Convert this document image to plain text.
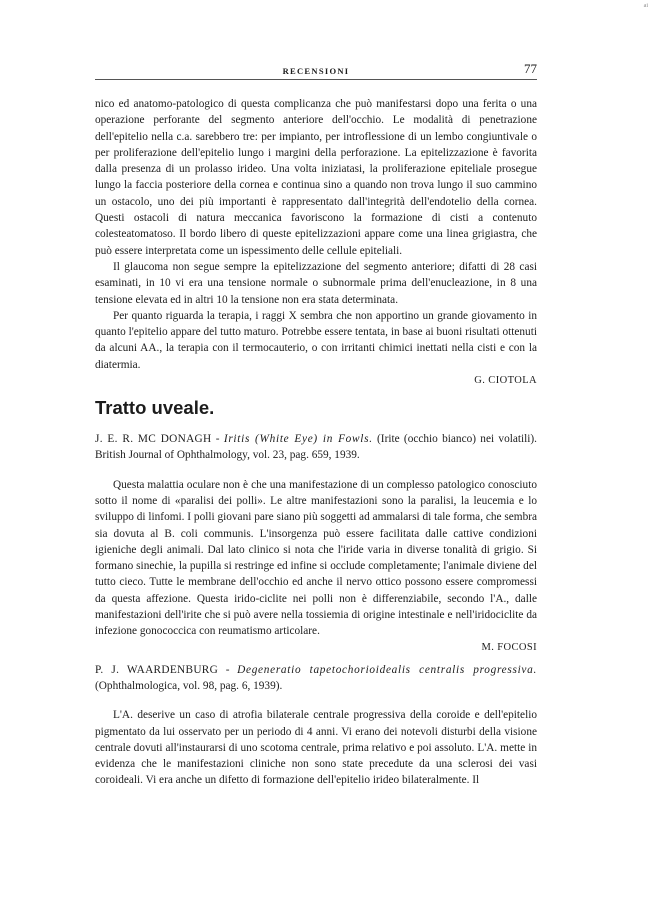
ai
RECENSIONI	77

nico ed anatomo-patologico di questa complicanza che può manifestarsi dopo una ferita o una operazione perforante del segmento anteriore dell'occhio. Le modalità di penetrazione dell'epitelio nella c.a. sarebbero tre: per impianto, per introflessione di un lembo congiuntivale o per proliferazione dell'epitelio lungo i margini della perforazione. La epitelizzazione è favorita dalla presenza di un prolasso irideo. Una volta iniziatasi, la proliferazione epiteliale prosegue lungo la faccia posteriore della cornea e continua sino a quando non trova lungo il suo cammino un ostacolo, uno dei più importanti è rappresentato dall'integrità dell'endotelio della cornea. Questi ostacoli di natura meccanica favoriscono la formazione di cisti a contenuto colesteatomatoso. Il bordo libero di queste epitelizzazioni appare come una linea grigiastra, che può essere interpretata come un ispessimento delle cellule epiteliali.

Il glaucoma non segue sempre la epitelizzazione del segmento anteriore; difatti di 28 casi esaminati, in 10 vi era una tensione normale o subnormale prima dell'enucleazione, in 8 una tensione elevata ed in altri 10 la tensione non era stata determinata.

Per quanto riguarda la terapia, i raggi X sembra che non apportino un grande giovamento in quanto l'epitelio appare del tutto maturo. Potrebbe essere tentata, in base ai buoni risultati ottenuti da alcuni AA., la terapia con il termocauterio, o con irritanti chimici inettati nella cisti e con la diatermia.

G. CIOTOLA
Tratto uveale.
J. E. R. MC DONAGH - Iritis (White Eye) in Fowls. (Irite (occhio bianco) nei volatili). British Journal of Ophthalmology, vol. 23, pag. 659, 1939.

Questa malattia oculare non è che una manifestazione di un complesso patologico conosciuto sotto il nome di «paralisi dei polli». Le altre manifestazioni sono la paralisi, la leucemia e lo sviluppo di linfomi. I polli giovani pare siano più soggetti ad ammalarsi di tale forma, che sembra sia dovuta al B. coli communis. L'insorgenza può essere facilitata dalle cattive condizioni igieniche degli animali. Dal lato clinico si nota che l'iride varia in diverse tonalità di grigio. Si formano sinechie, la pupilla si restringe ed infine si occlude completamente; l'animale diviene del tutto cieco. Tutte le membrane dell'occhio ed anche il nervo ottico possono essere compromessi da questa affezione. Questa irido-ciclite nei polli non è differenziabile, secondo l'A., dalle manifestazioni dell'irite che si può avere nella tossiemia di origine intestinale e nell'iridociclite da infezione gonococcica con reumatismo articolare.

M. FOCOSI
P. J. WAARDENBURG - Degeneratio tapetochorioidealis centralis progressiva. (Ophthalmologica, vol. 98, pag. 6, 1939).

L'A. deserive un caso di atrofia bilaterale centrale progressiva della coroide e dell'epitelio pigmentato da lui osservato per un periodo di 4 anni. Vi erano dei notevoli disturbi della visione centrale dovuti all'instaurarsi di uno scotoma centrale, prima relativo e poi assoluto. L'A. mette in evidenza che le manifestazioni cliniche non sono state precedute da una sclerosi dei vasi coroideali. Vi era anche un difetto di formazione dell'epitelio irideo bilateralmente. Il
